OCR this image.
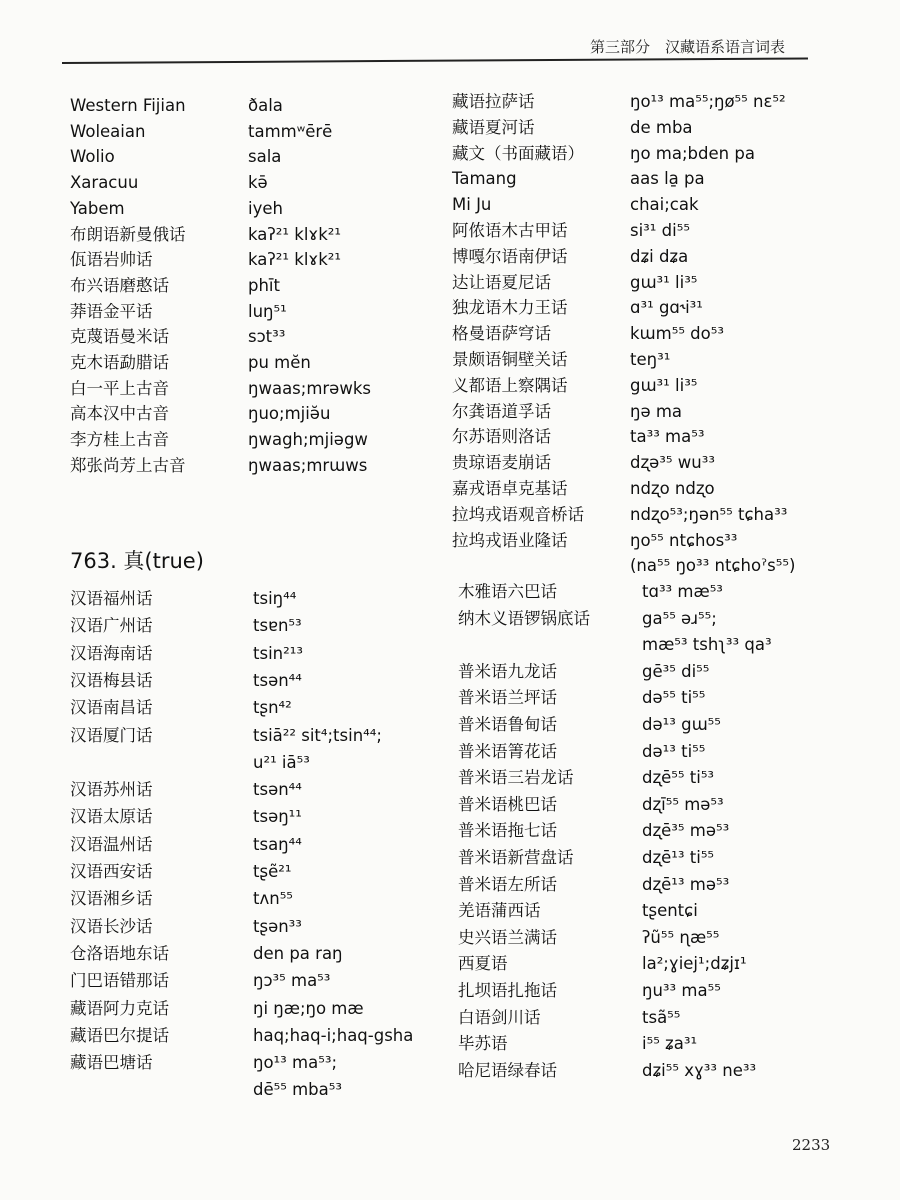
第三部分　汉藏语系语言词表
763. 真(true)
2233
Western Fijian	ðala
Woleaian	tammʷērē
Wolio	sala
Xaracuu	kə̄
Yabem	iyeh
布朗语新曼俄话	kaʔ²¹ klɤk²¹
佤语岩帅话	kaʔ²¹ klɤk²¹
布兴语磨憨话	phīt
莽语金平话	luŋ⁵¹
克蔑语曼米话	sɔt³³
克木语勐腊话	pu mĕn
白一平上古音	ŋwaas;mrəwks
高本汉中古音	ŋuo;mjiə̆u
李方桂上古音	ŋwagh;mjiəgw
郑张尚芳上古音	ŋwaas;mrɯws
汉语福州话	tsiŋ⁴⁴
汉语广州话	tsɐn⁵³
汉语海南话	tsin²¹³
汉语梅县话	tsən⁴⁴
汉语南昌话	tʂn⁴²
汉语厦门话	tsiā²² sit⁴;tsin⁴⁴;
u²¹ iā⁵³
汉语苏州话	tsən⁴⁴
汉语太原话	tsəŋ¹¹
汉语温州话	tsaŋ⁴⁴
汉语西安话	tʂẽ²¹
汉语湘乡话	tʌn⁵⁵
汉语长沙话	tʂən³³
仓洛语地东话	den pa raŋ
门巴语错那话	ŋɔ³⁵ ma⁵³
藏语阿力克话	ŋi ŋæ;ŋo mæ
藏语巴尔提话	haq;haq-i;haq-gsha
藏语巴塘话	ŋo¹³ ma⁵³;
dē⁵⁵ mba⁵³
藏语拉萨话	ŋo¹³ ma⁵⁵;ŋø⁵⁵ nɛ⁵²
藏语夏河话	de mba
藏文（书面藏语）	ŋo ma;bden pa
Tamang	aas la̱ pa
Mi Ju	chai;cak
阿侬语木古甲话	si³¹ di⁵⁵
博嘎尔语南伊话	dʑi dʑa
达让语夏尼话	gɯ³¹ li³⁵
独龙语木力王话	ɑ³¹ gɑ˞i³¹
格曼语萨穹话	kɯm⁵⁵ do⁵³
景颇语铜壁关话	teŋ³¹
义都语上察隅话	gɯ³¹ li³⁵
尔龚语道孚话	ŋə ma
尔苏语则洛话	ta³³ ma⁵³
贵琼语麦崩话	dʐə³⁵ wu³³
嘉戎语卓克基话	ndʐo ndʐo
拉坞戎语观音桥话	ndʐo⁵³;ŋən⁵⁵ tɕha³³
拉坞戎语业隆话	ŋo⁵⁵ ntɕhos³³
(na⁵⁵ ŋo³³ ntɕhoˀs⁵⁵)
木雅语六巴话	tɑ³³ mæ⁵³
纳木义语锣锅底话	ga⁵⁵ əɹ⁵⁵;
mæ⁵³ tshʅ³³ qa³
普米语九龙话	gē³⁵ di⁵⁵
普米语兰坪话	də⁵⁵ ti⁵⁵
普米语鲁甸话	də¹³ gɯ⁵⁵
普米语箐花话	də¹³ ti⁵⁵
普米语三岩龙话	dʐē⁵⁵ ti⁵³
普米语桃巴话	dʐī⁵⁵ mə⁵³
普米语拖七话	dʐē³⁵ mə⁵³
普米语新营盘话	dʐē¹³ ti⁵⁵
普米语左所话	dʐē¹³ mə⁵³
羌语蒲西话	tʂentɕi
史兴语兰满话	ʔũ⁵⁵ ɳæ⁵⁵
西夏语	la²;ɣiej¹;dʑjɪ¹
扎坝语扎拖话	ŋu³³ ma⁵⁵
白语剑川话	tsã⁵⁵
毕苏语	i⁵⁵ ʑa³¹
哈尼语绿春话	dʑi⁵⁵ xɣ³³ ne³³
